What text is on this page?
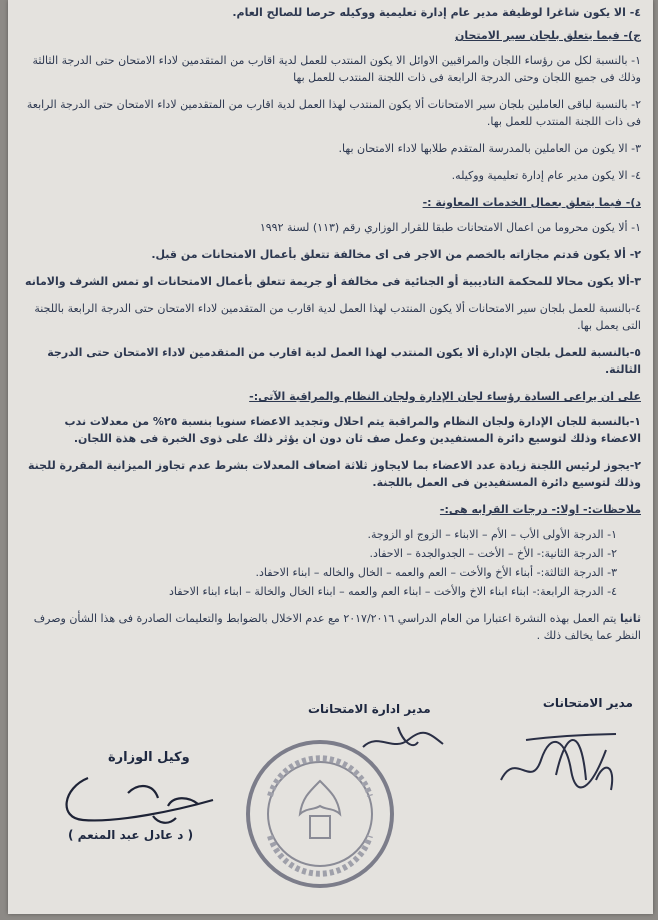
٤- الا يكون شاغرا لوظيفة مدير عام إدارة تعليمية ووكيله حرصا للصالح العام.

ج)- فيما يتعلق بلجان سير الامتحان

١- بالنسبة لكل من رؤساء اللجان والمراقبين الاوائل الا يكون المنتدب للعمل لدية اقارب من المتقدمين لاداء الامتحان حتى الدرجة الثالثة وذلك فى جميع اللجان وحتى الدرجة الرابعة فى ذات اللجنة المنتدب للعمل بها

٢- بالنسبة لباقى العاملين بلجان سير الامتحانات ألا يكون المنتدب لهذا العمل لدية اقارب من المتقدمين لاداء الامتحان حتى الدرجة الرابعة فى ذات اللجنة المنتدب للعمل بها.

٣- الا يكون من العاملين بالمدرسة المتقدم طلابها لاداء الامتحان بها.

٤- الا يكون مدير عام إدارة تعليمية ووكيله.

د)- فيما يتعلق بعمال الخدمات المعاونة :-

١- ألا يكون محروما من اعمال الامتحانات طبقا للقرار الوزاري رقم (١١٣) لسنة ١٩٩٢

٢- ألا يكون قدتم مجازاته بالخصم من الاجر فى اى مخالفة تتعلق بأعمال الامتحانات من قبل.

٣-ألا يكون محالا للمحكمة التاديبية أو الجنائية فى مخالفة أو جريمة تتعلق بأعمال الامتحانات او تمس الشرف والامانه

٤-بالنسبة للعمل بلجان سير الامتحانات ألا يكون المنتدب لهذا العمل لدية اقارب من المتقدمين لاداء الامتحان حتى الدرجة الرابعة باللجنة التى يعمل بها.

٥-بالنسبة للعمل بلجان الإدارة ألا يكون المنتدب لهذا العمل لدية اقارب من المتقدمين لاداء الامتحان حتى الدرجة الثالثة.

على ان يراعى السادة رؤساء لجان الإدارة ولجان النظام والمراقبة الآتى:-

١-بالنسبة للجان الإدارة ولجان النظام والمراقبة يتم احلال وتجديد الاعضاء سنويا بنسبة ٢٥% من معدلات ندب الاعضاء وذلك لتوسيع دائرة المستفيدين وعمل صف ثان دون ان يؤثر ذلك على ذوى الخبرة فى هذة اللجان.

٢-يجوز لرئيس اللجنة زيادة عدد الاعضاء بما لايجاوز ثلاثة اضعاف المعدلات بشرط عدم تجاوز الميزانية المقررة للجنة وذلك لتوسيع دائرة المستفيدين فى العمل باللجنة.

ملاحظات:- اولا:- درجات القرابه هى:-
١- الدرجة الأولى الأب – الأم – الابناء – الزوج او الزوجة.
٢- الدرجة الثانية:- الأخ – الأخت – الجدوالجدة – الاحفاد.
٣- الدرجة الثالثة:- أبناء الأخ والأخت – العم والعمه – الخال والخاله – ابناء الاحفاد.
٤- الدرجة الرابعة:- ابناء ابناء الاخ والأخت – ابناء العم والعمه – ابناء الخال والخالة – ابناء ابناء الاحفاد

ثانيا يتم العمل بهذه النشرة اعتبارا من العام الدراسي ٢٠١٧/٢٠١٦ مع عدم الاخلال بالضوابط والتعليمات الصادرة فى هذا الشأن وصرف النظر عما يخالف ذلك .

مدير الامتحانات
مدير ادارة الامتحانات
وكيل الوزارة
( د عادل عبد المنعم )
